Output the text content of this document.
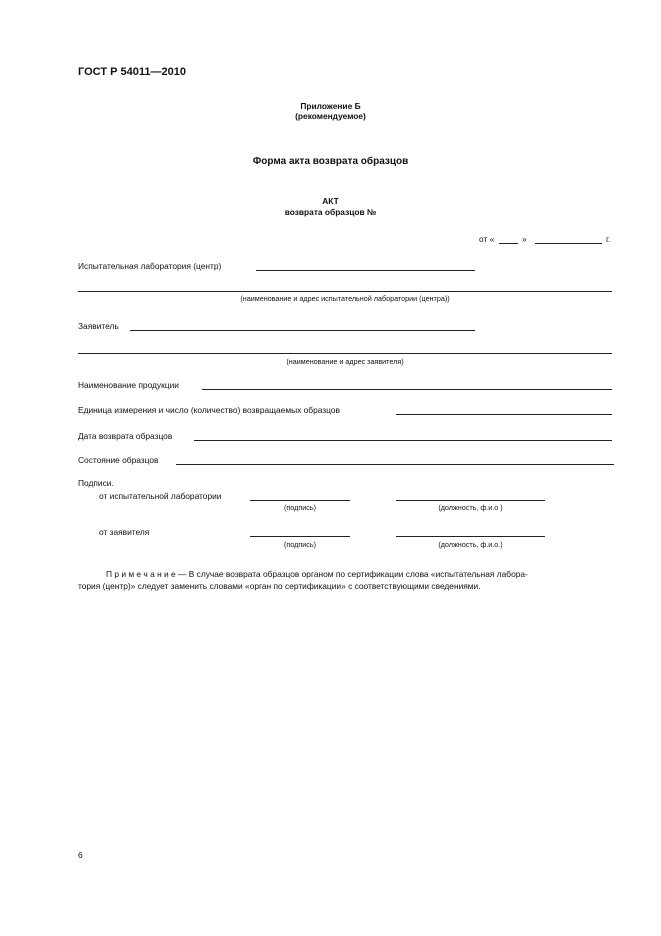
ГОСТ Р 54011—2010
Приложение Б
(рекомендуемое)
Форма акта возврата образцов
АКТ
возврата образцов №
от «	»	г.
Испытательная лаборатория (центр)
(наименование и адрес испытательной лаборатории (центра))
Заявитель
(наименование и адрес заявителя)
Наименование продукции
Единица измерения и число (количество) возвращаемых образцов
Дата возврата образцов
Состояние образцов
Подписи.
от испытательной лаборатории
(подпись)	(должность, ф.и.о )
от заявителя
(подпись)	(должность, ф.и.о.)
П р и м е ч а н и е — В случае возврата образцов органом по сертификации слова «испытательная лабора-
тория (центр)» следует заменить словами «орган по сертификации» с соответствующими сведениями.
6
